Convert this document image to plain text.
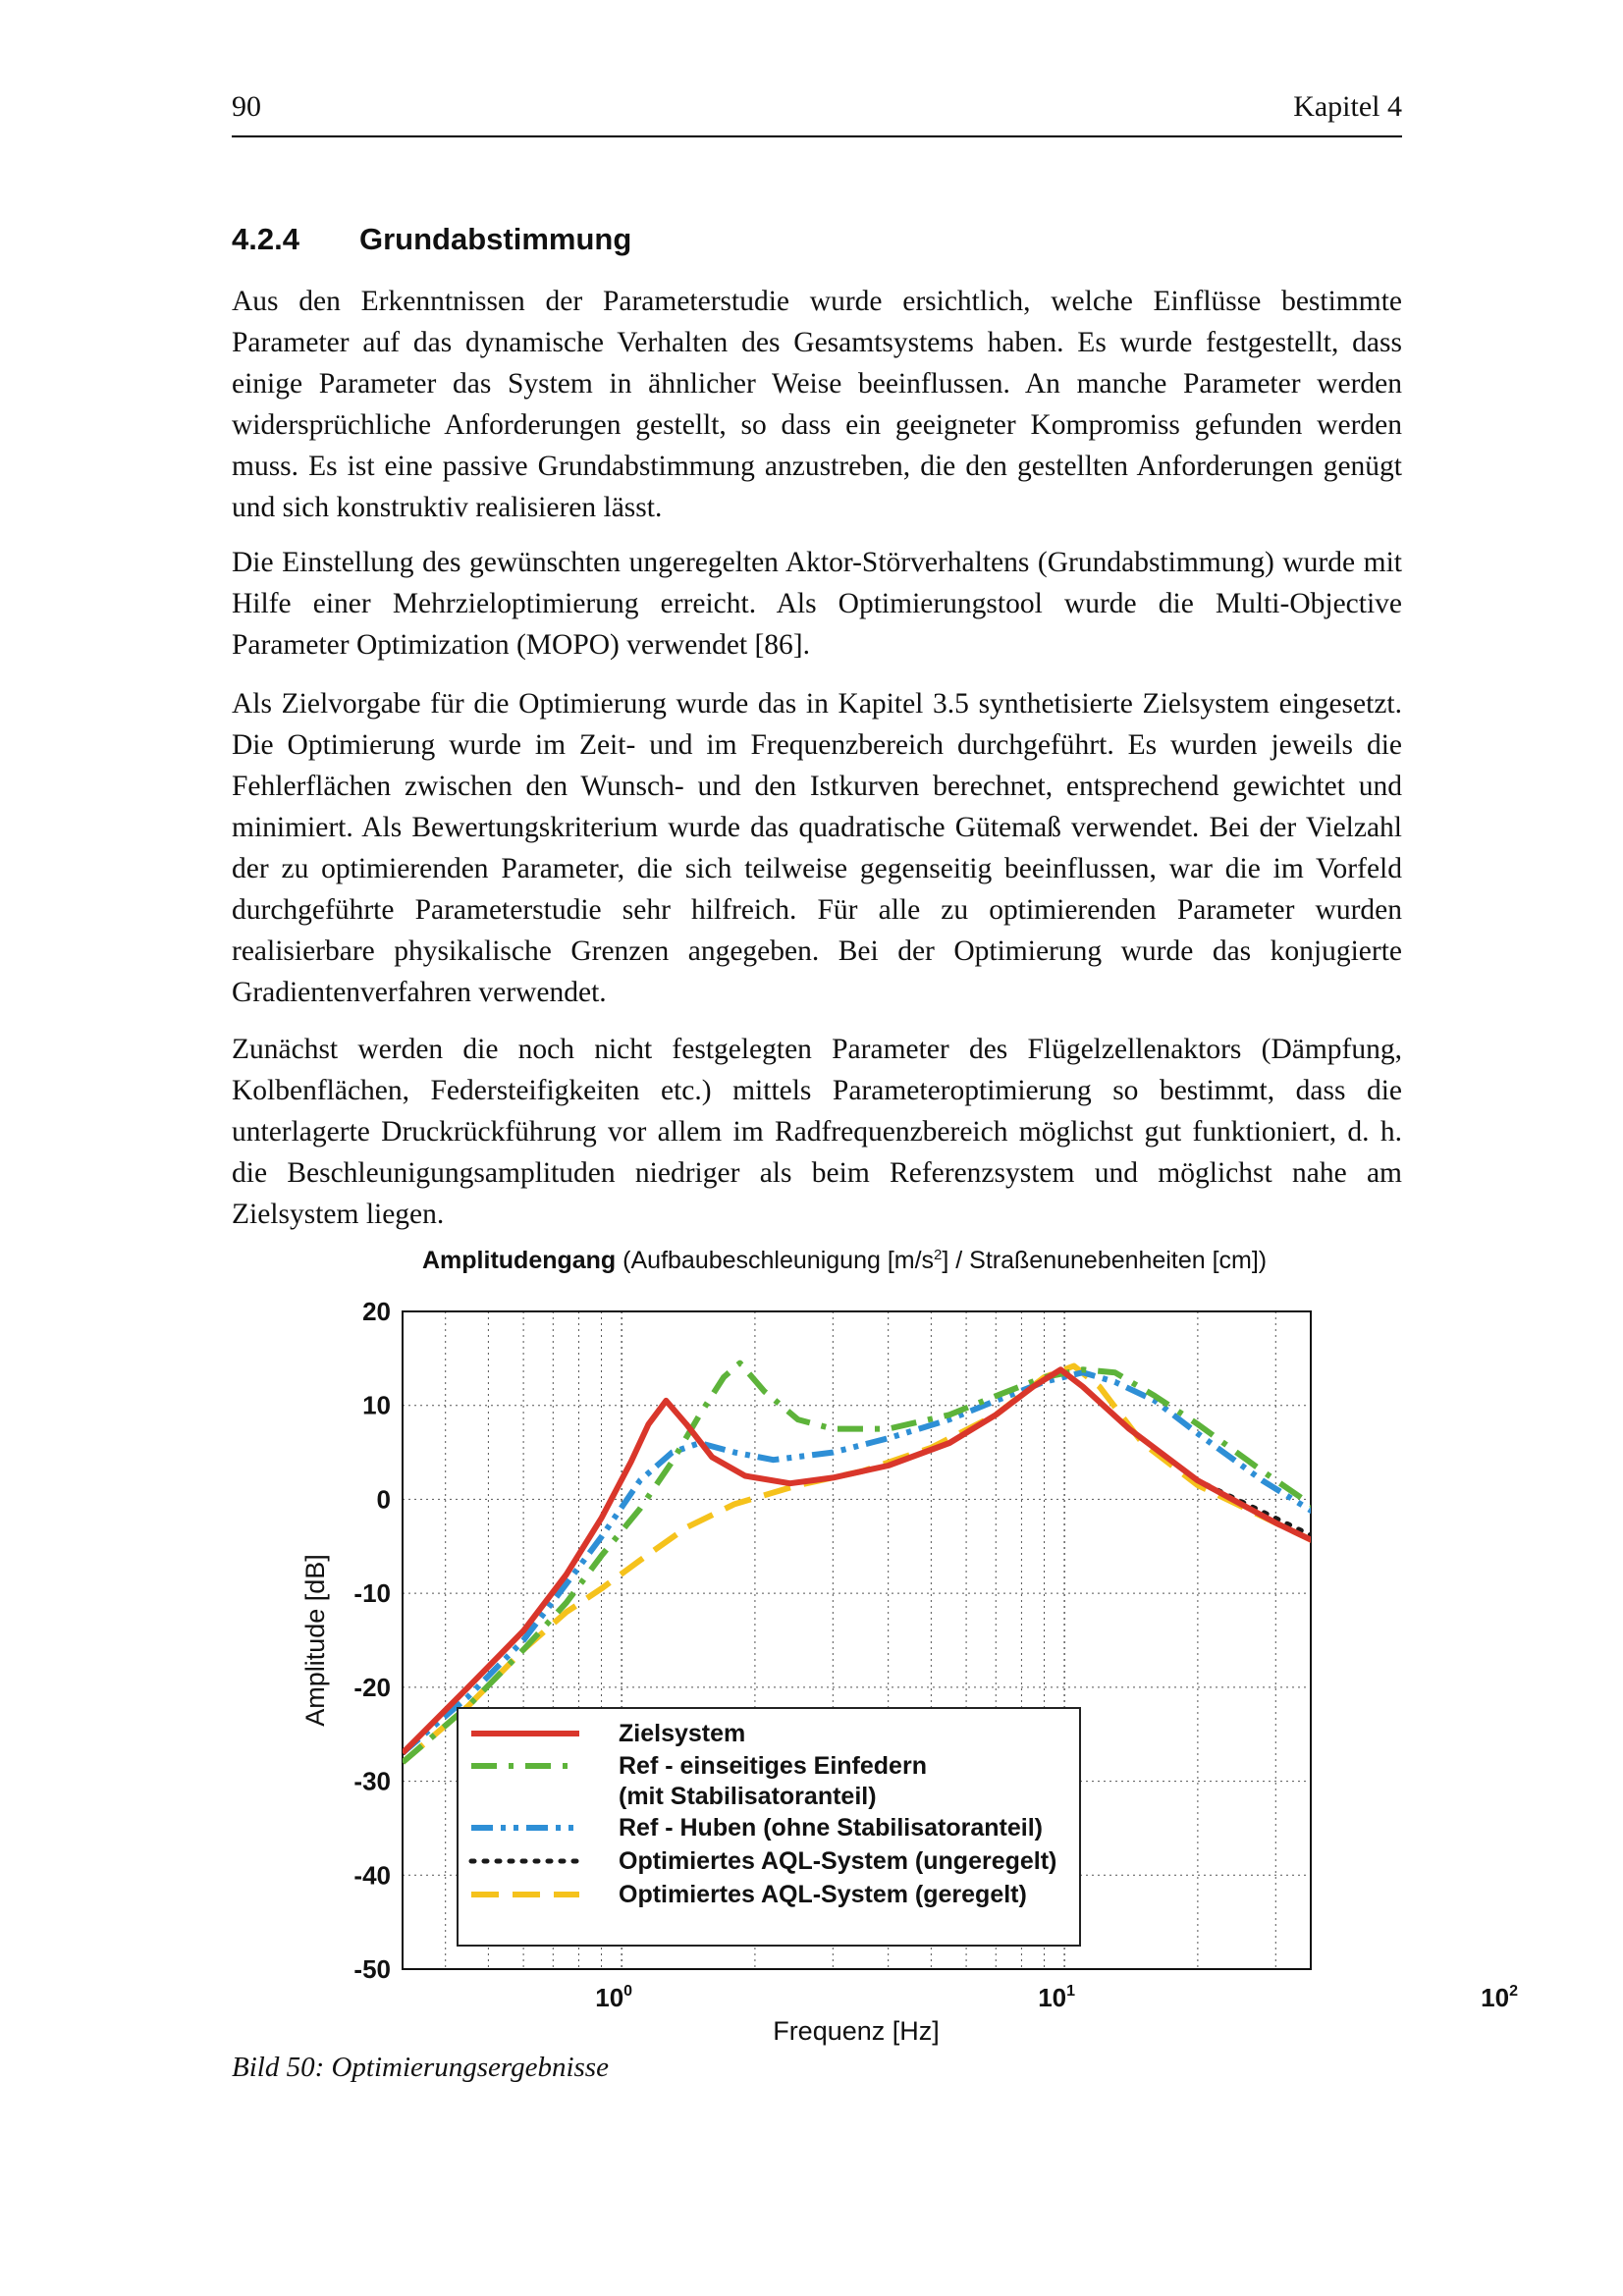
90	Kapitel 4
4.2.4 Grundabstimmung

Aus den Erkenntnissen der Parameterstudie wurde ersichtlich, welche Einflüsse bestimmte Parameter auf das dynamische Verhalten des Gesamtsystems haben. Es wurde festgestellt, dass einige Parameter das System in ähnlicher Weise beeinflussen. An manche Parameter werden widersprüchliche Anforderungen gestellt, so dass ein geeigneter Kompromiss gefunden werden muss. Es ist eine passive Grundabstimmung anzustreben, die den gestellten Anforderungen genügt und sich konstruktiv realisieren lässt.

Die Einstellung des gewünschten ungeregelten Aktor-Störverhaltens (Grundabstimmung) wurde mit Hilfe einer Mehrzieloptimierung erreicht. Als Optimierungstool wurde die Multi-Objective Parameter Optimization (MOPO) verwendet [86].

Als Zielvorgabe für die Optimierung wurde das in Kapitel 3.5 synthetisierte Zielsystem eingesetzt. Die Optimierung wurde im Zeit- und im Frequenzbereich durchgeführt. Es wurden jeweils die Fehlerflächen zwischen den Wunsch- und den Istkurven berechnet, entsprechend gewichtet und minimiert. Als Bewertungskriterium wurde das quadratische Gütemaß verwendet. Bei der Vielzahl der zu optimierenden Parameter, die sich teilweise gegenseitig beeinflussen, war die im Vorfeld durchgeführte Parameterstudie sehr hilfreich. Für alle zu optimierenden Parameter wurden realisierbare physikalische Grenzen angegeben. Bei der Optimierung wurde das konjugierte Gradientenverfahren verwendet.

Zunächst werden die noch nicht festgelegten Parameter des Flügelzellenaktors (Dämpfung, Kolbenflächen, Federsteifigkeiten etc.) mittels Parameteroptimierung so bestimmt, dass die unterlagerte Druckrückführung vor allem im Radfrequenzbereich möglichst gut funktioniert, d. h. die Beschleunigungsamplituden niedriger als beim Referenzsystem und möglichst nahe am Zielsystem liegen.

Amplitudengang (Aufbaubeschleunigung $[m/s^2]$ / Straßenunebenheiten [cm])
20
10
0
-10
-20
-30
-40
-50
$10^0$	$10^1$	$10^2$
Zielsystem
Ref - einseitiges Einfedern
(mit Stabilisatoranteil)
Ref - Huben (ohne Stabilisatoranteil)
Optimiertes AQL-System (ungeregelt)
Optimiertes AQL-System (geregelt)
Frequenz [Hz]
Amplitude [dB]
Bild 50: Optimierungsergebnisse
